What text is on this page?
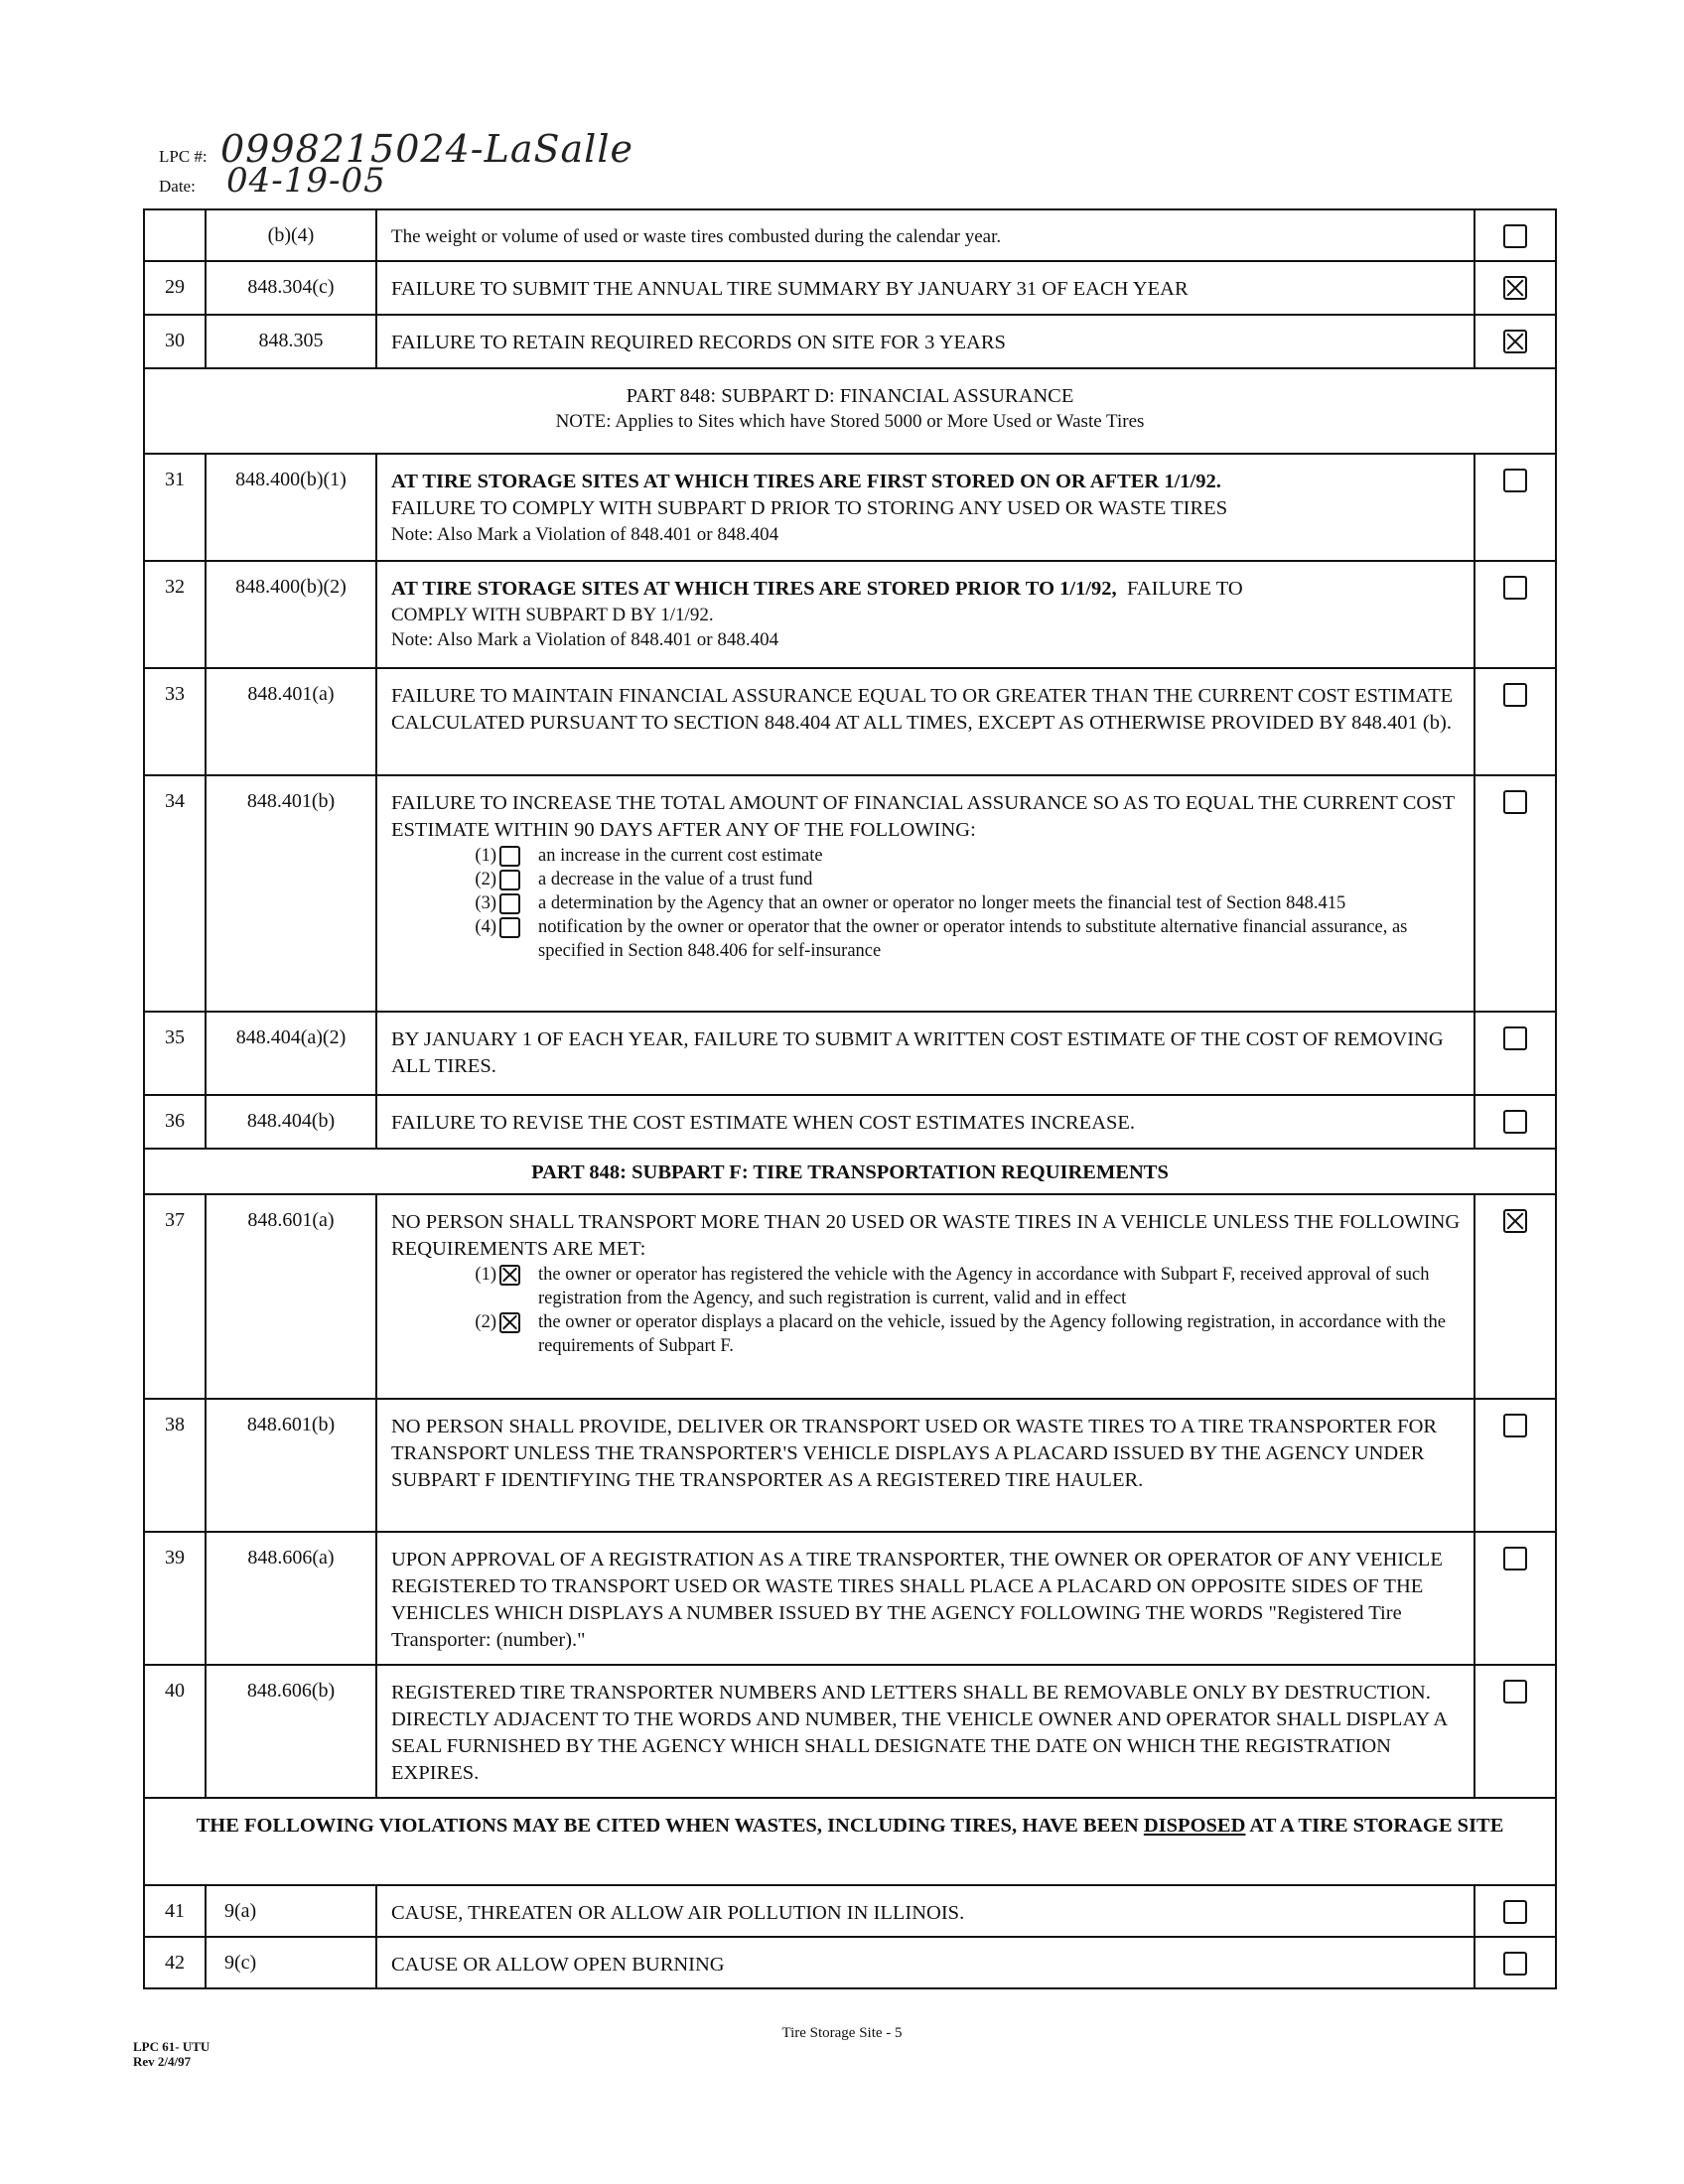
LPC #: 0998215024-LaSalle
Date: 04-19-05
(b)(4)	The weight or volume of used or waste tires combusted during the calendar year.
29	848.304(c)	FAILURE TO SUBMIT THE ANNUAL TIRE SUMMARY BY JANUARY 31 OF EACH YEAR
30	848.305	FAILURE TO RETAIN REQUIRED RECORDS ON SITE FOR 3 YEARS
PART 848: SUBPART D: FINANCIAL ASSURANCE
NOTE: Applies to Sites which have Stored 5000 or More Used or Waste Tires
31	848.400(b)(1)	AT TIRE STORAGE SITES AT WHICH TIRES ARE FIRST STORED ON OR AFTER 1/1/92.
FAILURE TO COMPLY WITH SUBPART D PRIOR TO STORING ANY USED OR WASTE TIRES
Note: Also Mark a Violation of 848.401 or 848.404
32	848.400(b)(2)	AT TIRE STORAGE SITES AT WHICH TIRES ARE STORED PRIOR TO 1/1/92, FAILURE TO
COMPLY WITH SUBPART D BY 1/1/92.
Note: Also Mark a Violation of 848.401 or 848.404
33	848.401(a)	FAILURE TO MAINTAIN FINANCIAL ASSURANCE EQUAL TO OR GREATER THAN THE CURRENT COST ESTIMATE CALCULATED PURSUANT TO SECTION 848.404 AT ALL TIMES, EXCEPT AS OTHERWISE PROVIDED BY 848.401 (b).
34	848.401(b)	FAILURE TO INCREASE THE TOTAL AMOUNT OF FINANCIAL ASSURANCE SO AS TO EQUAL THE CURRENT COST ESTIMATE WITHIN 90 DAYS AFTER ANY OF THE FOLLOWING:
(1)	an increase in the current cost estimate
(2)	a decrease in the value of a trust fund
(3)	a determination by the Agency that an owner or operator no longer meets the financial test of Section 848.415
(4)	notification by the owner or operator that the owner or operator intends to substitute alternative financial assurance, as specified in Section 848.406 for self-insurance
35	848.404(a)(2)	BY JANUARY 1 OF EACH YEAR, FAILURE TO SUBMIT A WRITTEN COST ESTIMATE OF THE COST OF REMOVING ALL TIRES.
36	848.404(b)	FAILURE TO REVISE THE COST ESTIMATE WHEN COST ESTIMATES INCREASE.
PART 848: SUBPART F: TIRE TRANSPORTATION REQUIREMENTS
37	848.601(a)	NO PERSON SHALL TRANSPORT MORE THAN 20 USED OR WASTE TIRES IN A VEHICLE UNLESS THE FOLLOWING REQUIREMENTS ARE MET:
(1)	the owner or operator has registered the vehicle with the Agency in accordance with Subpart F, received approval of such registration from the Agency, and such registration is current, valid and in effect
(2)	the owner or operator displays a placard on the vehicle, issued by the Agency following registration, in accordance with the requirements of Subpart F.
38	848.601(b)	NO PERSON SHALL PROVIDE, DELIVER OR TRANSPORT USED OR WASTE TIRES TO A TIRE TRANSPORTER FOR TRANSPORT UNLESS THE TRANSPORTER'S VEHICLE DISPLAYS A PLACARD ISSUED BY THE AGENCY UNDER SUBPART F IDENTIFYING THE TRANSPORTER AS A REGISTERED TIRE HAULER.
39	848.606(a)	UPON APPROVAL OF A REGISTRATION AS A TIRE TRANSPORTER, THE OWNER OR OPERATOR OF ANY VEHICLE REGISTERED TO TRANSPORT USED OR WASTE TIRES SHALL PLACE A PLACARD ON OPPOSITE SIDES OF THE VEHICLES WHICH DISPLAYS A NUMBER ISSUED BY THE AGENCY FOLLOWING THE WORDS "Registered Tire Transporter: (number)."
40	848.606(b)	REGISTERED TIRE TRANSPORTER NUMBERS AND LETTERS SHALL BE REMOVABLE ONLY BY DESTRUCTION. DIRECTLY ADJACENT TO THE WORDS AND NUMBER, THE VEHICLE OWNER AND OPERATOR SHALL DISPLAY A SEAL FURNISHED BY THE AGENCY WHICH SHALL DESIGNATE THE DATE ON WHICH THE REGISTRATION EXPIRES.
THE FOLLOWING VIOLATIONS MAY BE CITED WHEN WASTES, INCLUDING TIRES, HAVE BEEN DISPOSED AT A TIRE STORAGE SITE
41	9(a)	CAUSE, THREATEN OR ALLOW AIR POLLUTION IN ILLINOIS.
42	9(c)	CAUSE OR ALLOW OPEN BURNING
LPC 61- UTU
Rev 2/4/97
Tire Storage Site - 5
